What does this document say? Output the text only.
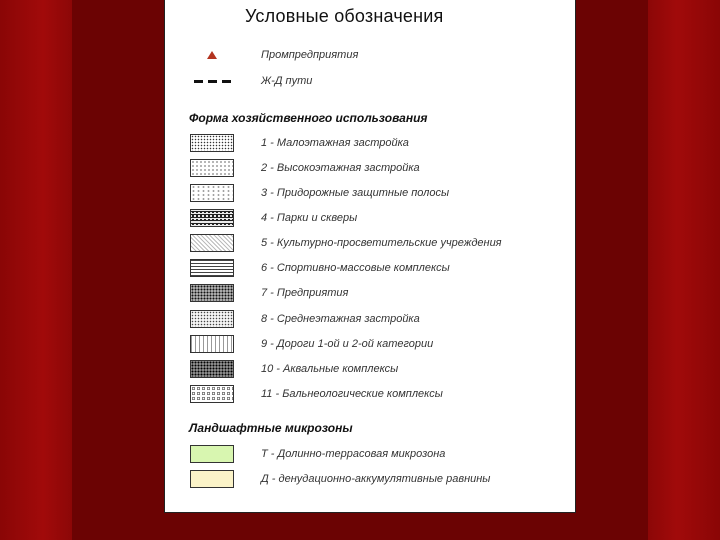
Условные обозначения
Промпредприятия
Ж-Д пути
Форма хозяйственного использования
1 - Малоэтажная застройка
2 - Высокоэтажная застройка
3 - Придорожные защитные полосы
4 - Парки и скверы
5 - Культурно-просветительские учреждения
6 - Спортивно-массовые комплексы
7 - Предприятия
8 - Среднеэтажная застройка
9 - Дороги 1-ой и 2-ой категории
10 - Аквальные комплексы
11 - Бальнеологические комплексы
Ландшафтные микрозоны
Т - Долинно-террасовая микрозона
Д - денудационно-аккумулятивные равнины
